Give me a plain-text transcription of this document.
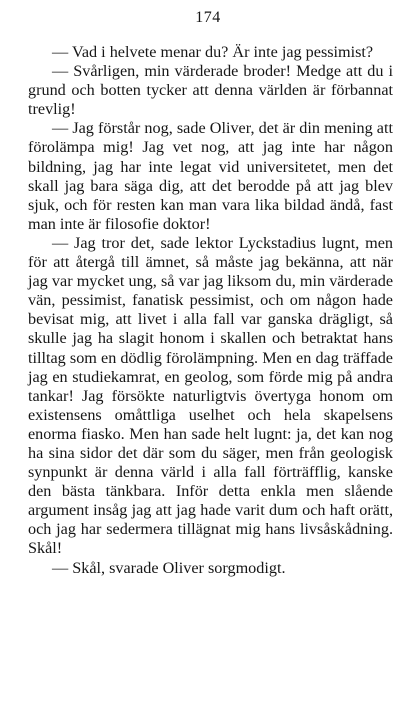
174

— Vad i helvete menar du? Är inte jag pessimist?

— Svårligen, min värderade broder! Medge att du i grund och botten tycker att denna världen är förbannat trevlig!

— Jag förstår nog, sade Oliver, det är din mening att förolämpa mig! Jag vet nog, att jag inte har någon bildning, jag har inte legat vid universitetet, men det skall jag bara säga dig, att det berodde på att jag blev sjuk, och för resten kan man vara lika bildad ändå, fast man inte är filosofie doktor!

— Jag tror det, sade lektor Lyckstadius lugnt, men för att återgå till ämnet, så måste jag bekänna, att när jag var mycket ung, så var jag liksom du, min värderade vän, pessimist, fanatisk pessimist, och om någon hade bevisat mig, att livet i alla fall var ganska drägligt, så skulle jag ha slagit honom i skallen och betraktat hans tilltag som en dödlig förolämpning. Men en dag träffade jag en studiekamrat, en geolog, som förde mig på andra tankar! Jag försökte naturligtvis övertyga honom om existensens omåttliga uselhet och hela skapelsens enorma fiasko. Men han sade helt lugnt: ja, det kan nog ha sina sidor det där som du säger, men från geologisk synpunkt är denna värld i alla fall förträfflig, kanske den bästa tänkbara. Inför detta enkla men slående argument insåg jag att jag hade varit dum och haft orätt, och jag har sedermera tillägnat mig hans livsåskådning. Skål!

— Skål, svarade Oliver sorgmodigt.
